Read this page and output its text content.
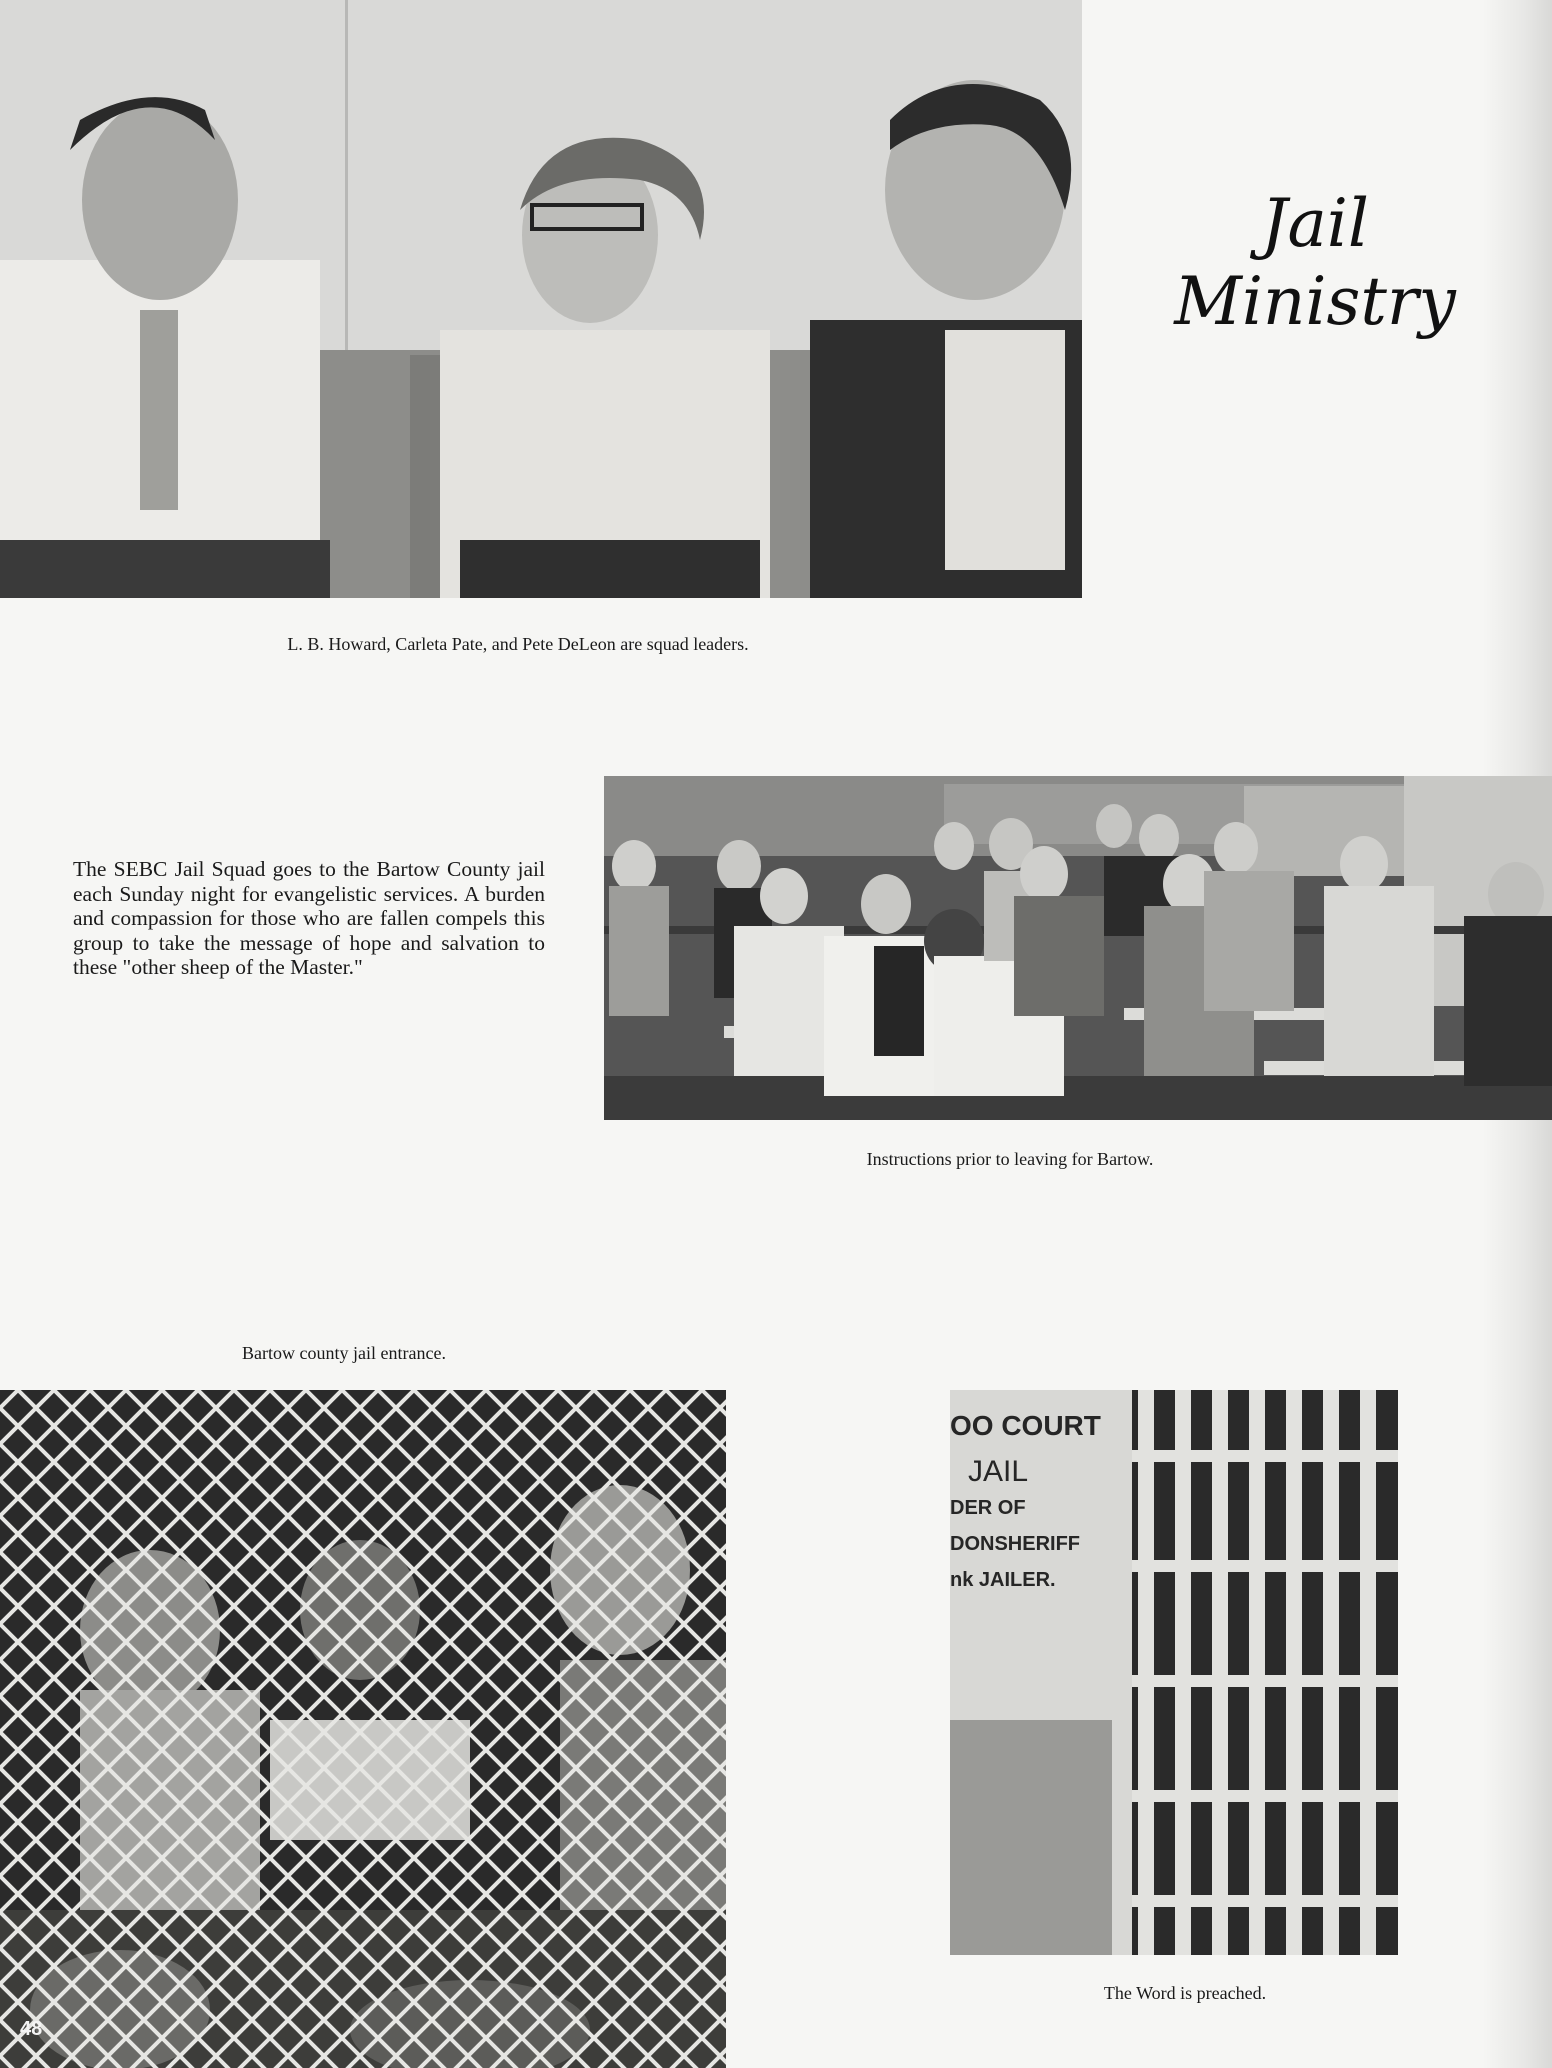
L. B. Howard, Carleta Pate, and Pete DeLeon are squad leaders.
Jail
Ministry
The SEBC Jail Squad goes to the Bartow County jail each Sunday night for evangelistic services. A burden and compassion for those who are fallen compels this group to take the message of hope and salvation to these "other sheep of the Master."
Instructions prior to leaving for Bartow.
Bartow county jail entrance.
48
OO COURT
JAIL
DER OF
DONSHERIFF
nk JAILER.
The Word is preached.
